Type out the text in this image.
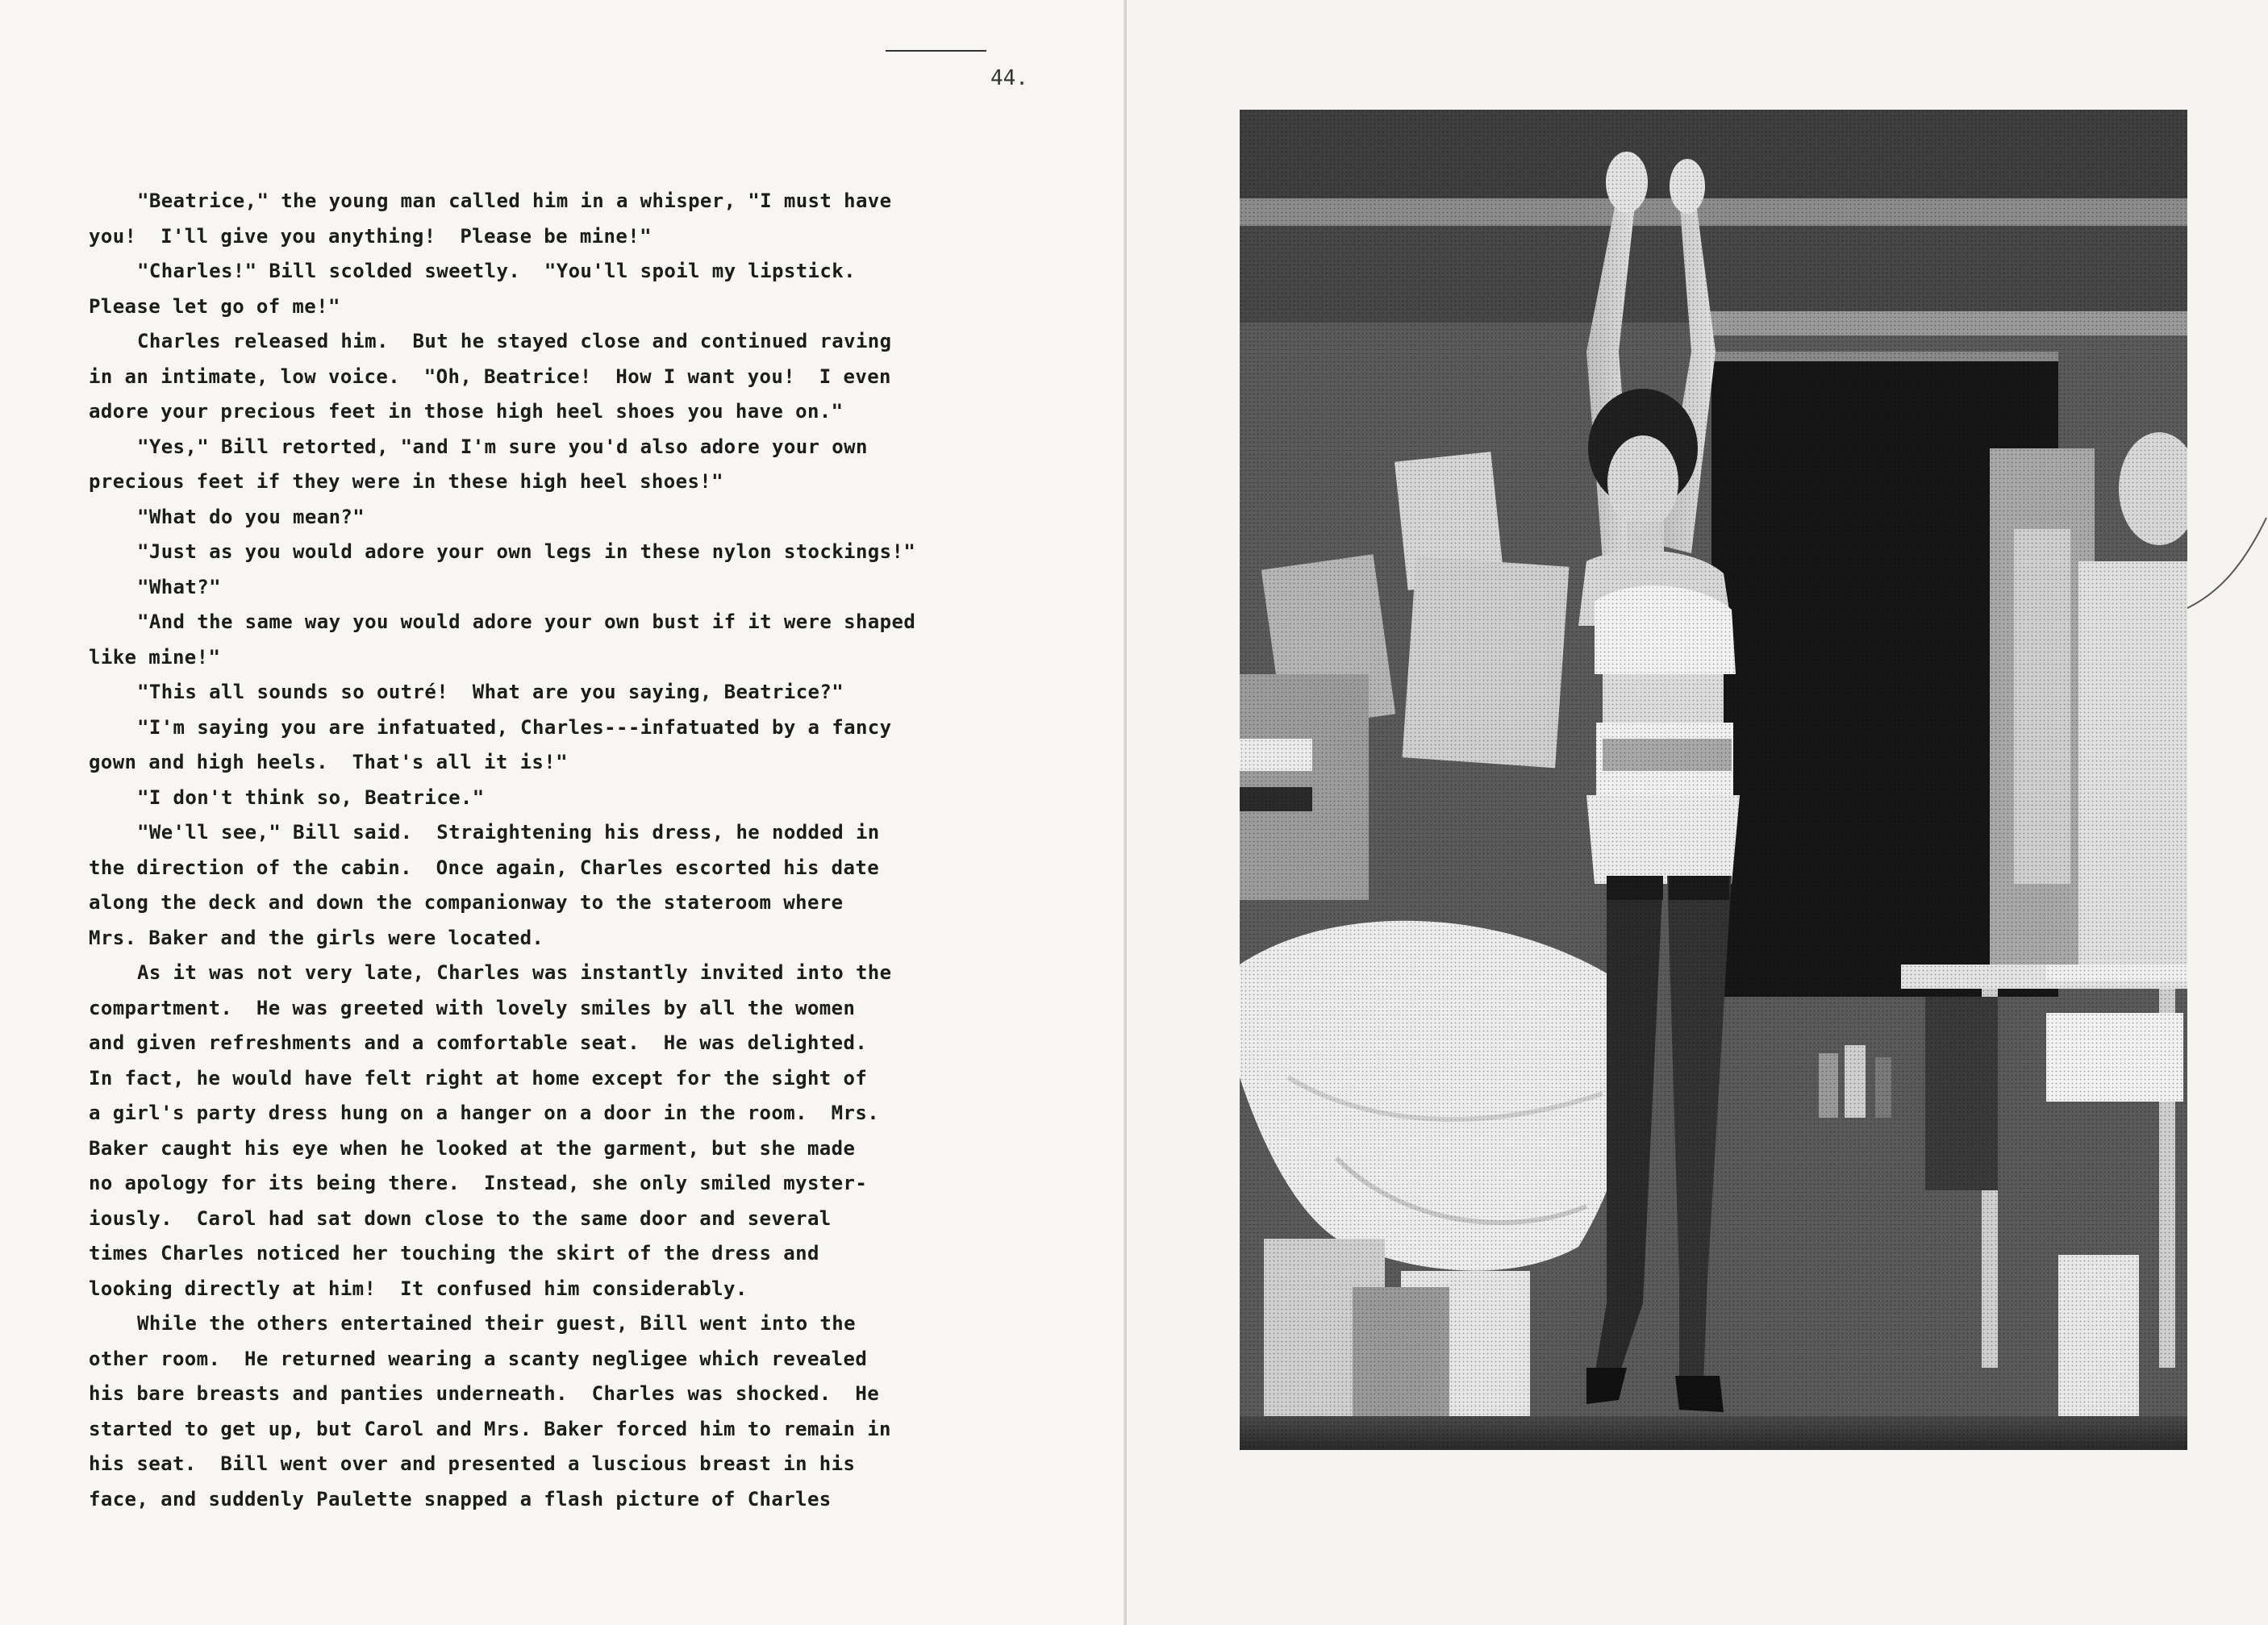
44.
"Beatrice," the young man called him in a whisper, "I must have
you!  I'll give you anything!  Please be mine!"
"Charles!" Bill scolded sweetly.  "You'll spoil my lipstick.
Please let go of me!"
Charles released him.  But he stayed close and continued raving
in an intimate, low voice.  "Oh, Beatrice!  How I want you!  I even
adore your precious feet in those high heel shoes you have on."
"Yes," Bill retorted, "and I'm sure you'd also adore your own
precious feet if they were in these high heel shoes!"
"What do you mean?"
"Just as you would adore your own legs in these nylon stockings!"
"What?"
"And the same way you would adore your own bust if it were shaped
like mine!"
"This all sounds so outré!  What are you saying, Beatrice?"
"I'm saying you are infatuated, Charles---infatuated by a fancy
gown and high heels.  That's all it is!"
"I don't think so, Beatrice."
"We'll see," Bill said.  Straightening his dress, he nodded in
the direction of the cabin.  Once again, Charles escorted his date
along the deck and down the companionway to the stateroom where
Mrs. Baker and the girls were located.
As it was not very late, Charles was instantly invited into the
compartment.  He was greeted with lovely smiles by all the women
and given refreshments and a comfortable seat.  He was delighted.
In fact, he would have felt right at home except for the sight of
a girl's party dress hung on a hanger on a door in the room.  Mrs.
Baker caught his eye when he looked at the garment, but she made
no apology for its being there.  Instead, she only smiled myster-
iously.  Carol had sat down close to the same door and several
times Charles noticed her touching the skirt of the dress and
looking directly at him!  It confused him considerably.
While the others entertained their guest, Bill went into the
other room.  He returned wearing a scanty negligee which revealed
his bare breasts and panties underneath.  Charles was shocked.  He
started to get up, but Carol and Mrs. Baker forced him to remain in
his seat.  Bill went over and presented a luscious breast in his
face, and suddenly Paulette snapped a flash picture of Charles
